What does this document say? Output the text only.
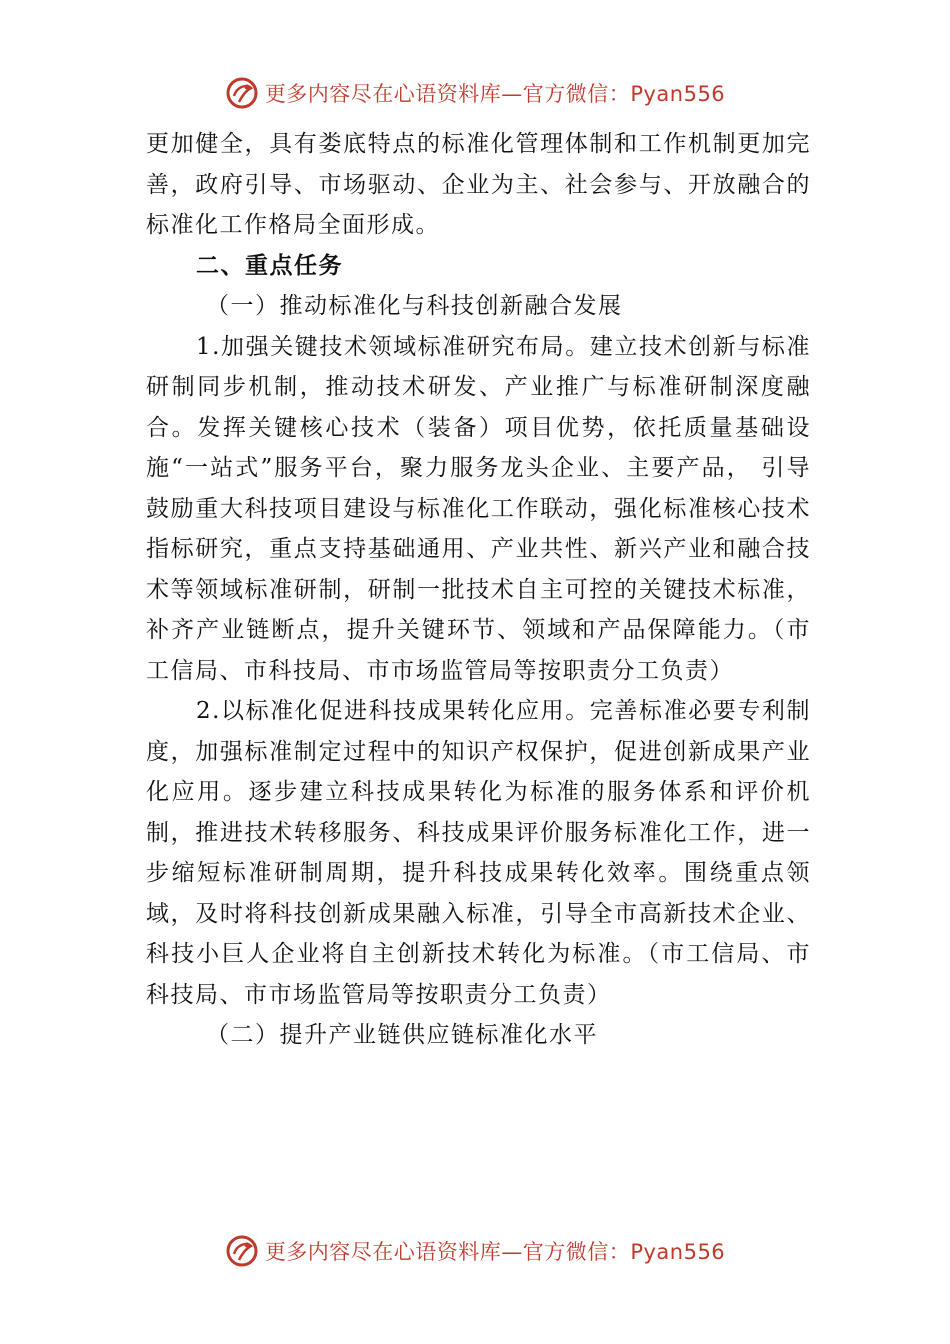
更多内容尽在心语资料库—官方微信：Pyan556

更加健全，具有娄底特点的标准化管理体制和工作机制更加完善，政府引导、市场驱动、企业为主、社会参与、开放融合的标准化工作格局全面形成。

二、重点任务

（一）推动标准化与科技创新融合发展

1.加强关键技术领域标准研究布局。建立技术创新与标准研制同步机制，推动技术研发、产业推广与标准研制深度融合。发挥关键核心技术（装备）项目优势，依托质量基础设施“一站式”服务平台，聚力服务龙头企业、主要产品， 引导鼓励重大科技项目建设与标准化工作联动，强化标准核心技术指标研究，重点支持基础通用、产业共性、新兴产业和融合技术等领域标准研制，研制一批技术自主可控的关键技术标准，补齐产业链断点，提升关键环节、领域和产品保障能力。（市工信局、市科技局、市市场监管局等按职责分工负责）

2.以标准化促进科技成果转化应用。完善标准必要专利制度，加强标准制定过程中的知识产权保护，促进创新成果产业化应用。逐步建立科技成果转化为标准的服务体系和评价机制，推进技术转移服务、科技成果评价服务标准化工作，进一步缩短标准研制周期，提升科技成果转化效率。围绕重点领域，及时将科技创新成果融入标准，引导全市高新技术企业、科技小巨人企业将自主创新技术转化为标准。（市工信局、市科技局、市市场监管局等按职责分工负责）

（二）提升产业链供应链标准化水平

更多内容尽在心语资料库—官方微信：Pyan556
